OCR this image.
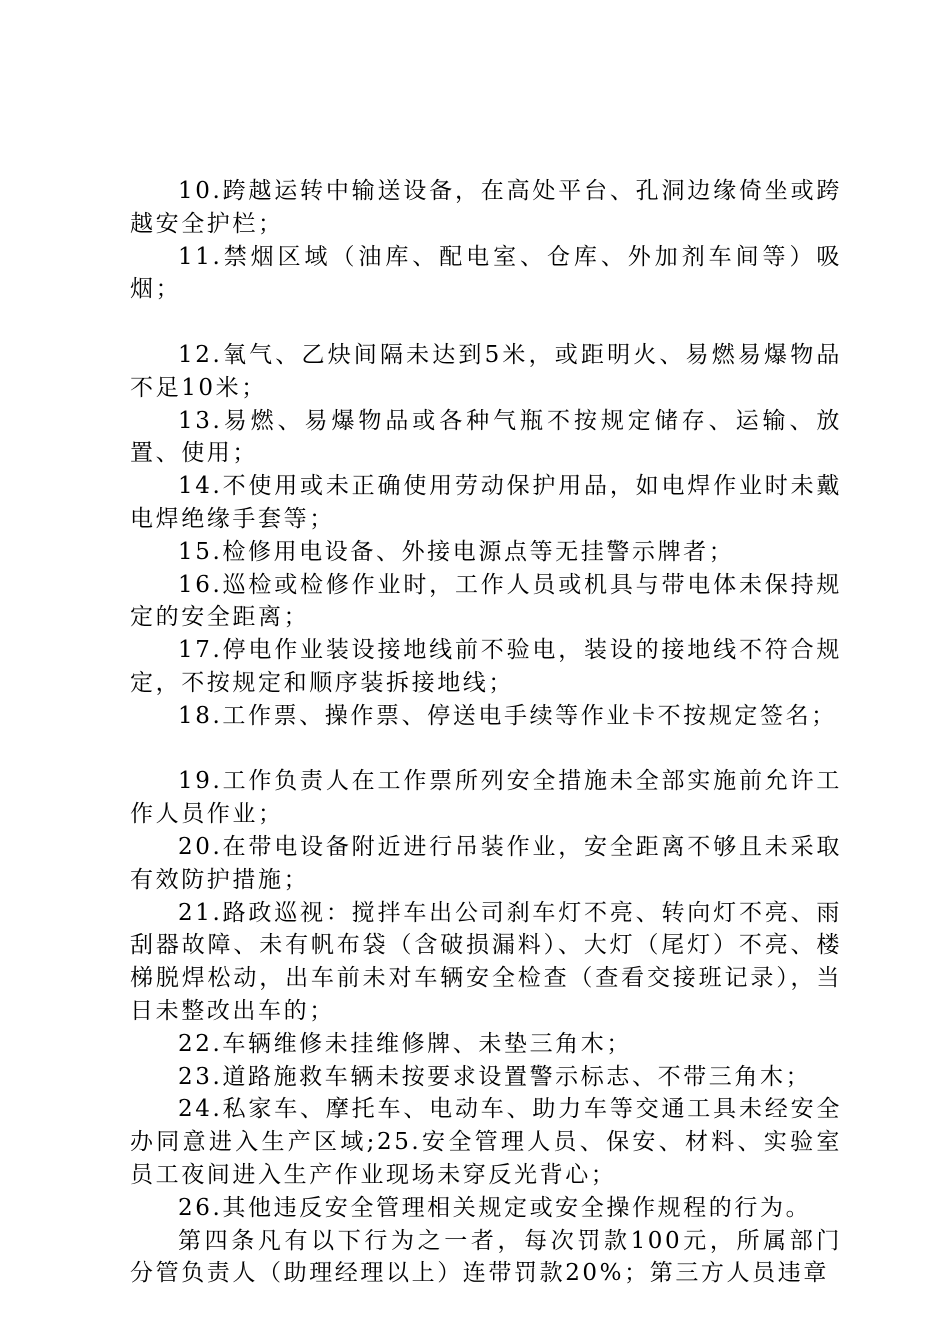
10.跨越运转中输送设备，在高处平台、孔洞边缘倚坐或跨越安全护栏；

11.禁烟区域（油库、配电室、仓库、外加剂车间等）吸烟；

12.氧气、乙炔间隔未达到5米，或距明火、易燃易爆物品不足10米；

13.易燃、易爆物品或各种气瓶不按规定储存、运输、放置、使用；

14.不使用或未正确使用劳动保护用品，如电焊作业时未戴电焊绝缘手套等；

15.检修用电设备、外接电源点等无挂警示牌者；

16.巡检或检修作业时，工作人员或机具与带电体未保持规定的安全距离；

17.停电作业装设接地线前不验电，装设的接地线不符合规定，不按规定和顺序装拆接地线；

18.工作票、操作票、停送电手续等作业卡不按规定签名；

19.工作负责人在工作票所列安全措施未全部实施前允许工作人员作业；

20.在带电设备附近进行吊装作业，安全距离不够且未采取有效防护措施；

21.路政巡视：搅拌车出公司刹车灯不亮、转向灯不亮、雨刮器故障、未有帆布袋（含破损漏料）、大灯（尾灯）不亮、楼梯脱焊松动，出车前未对车辆安全检查（查看交接班记录），当日未整改出车的；

22.车辆维修未挂维修牌、未垫三角木；

23.道路施救车辆未按要求设置警示标志、不带三角木；

24.私家车、摩托车、电动车、助力车等交通工具未经安全办同意进入生产区域;25.安全管理人员、保安、材料、实验室员工夜间进入生产作业现场未穿反光背心；

26.其他违反安全管理相关规定或安全操作规程的行为。

第四条凡有以下行为之一者，每次罚款100元，所属部门分管负责人（助理经理以上）连带罚款20%；第三方人员违章
